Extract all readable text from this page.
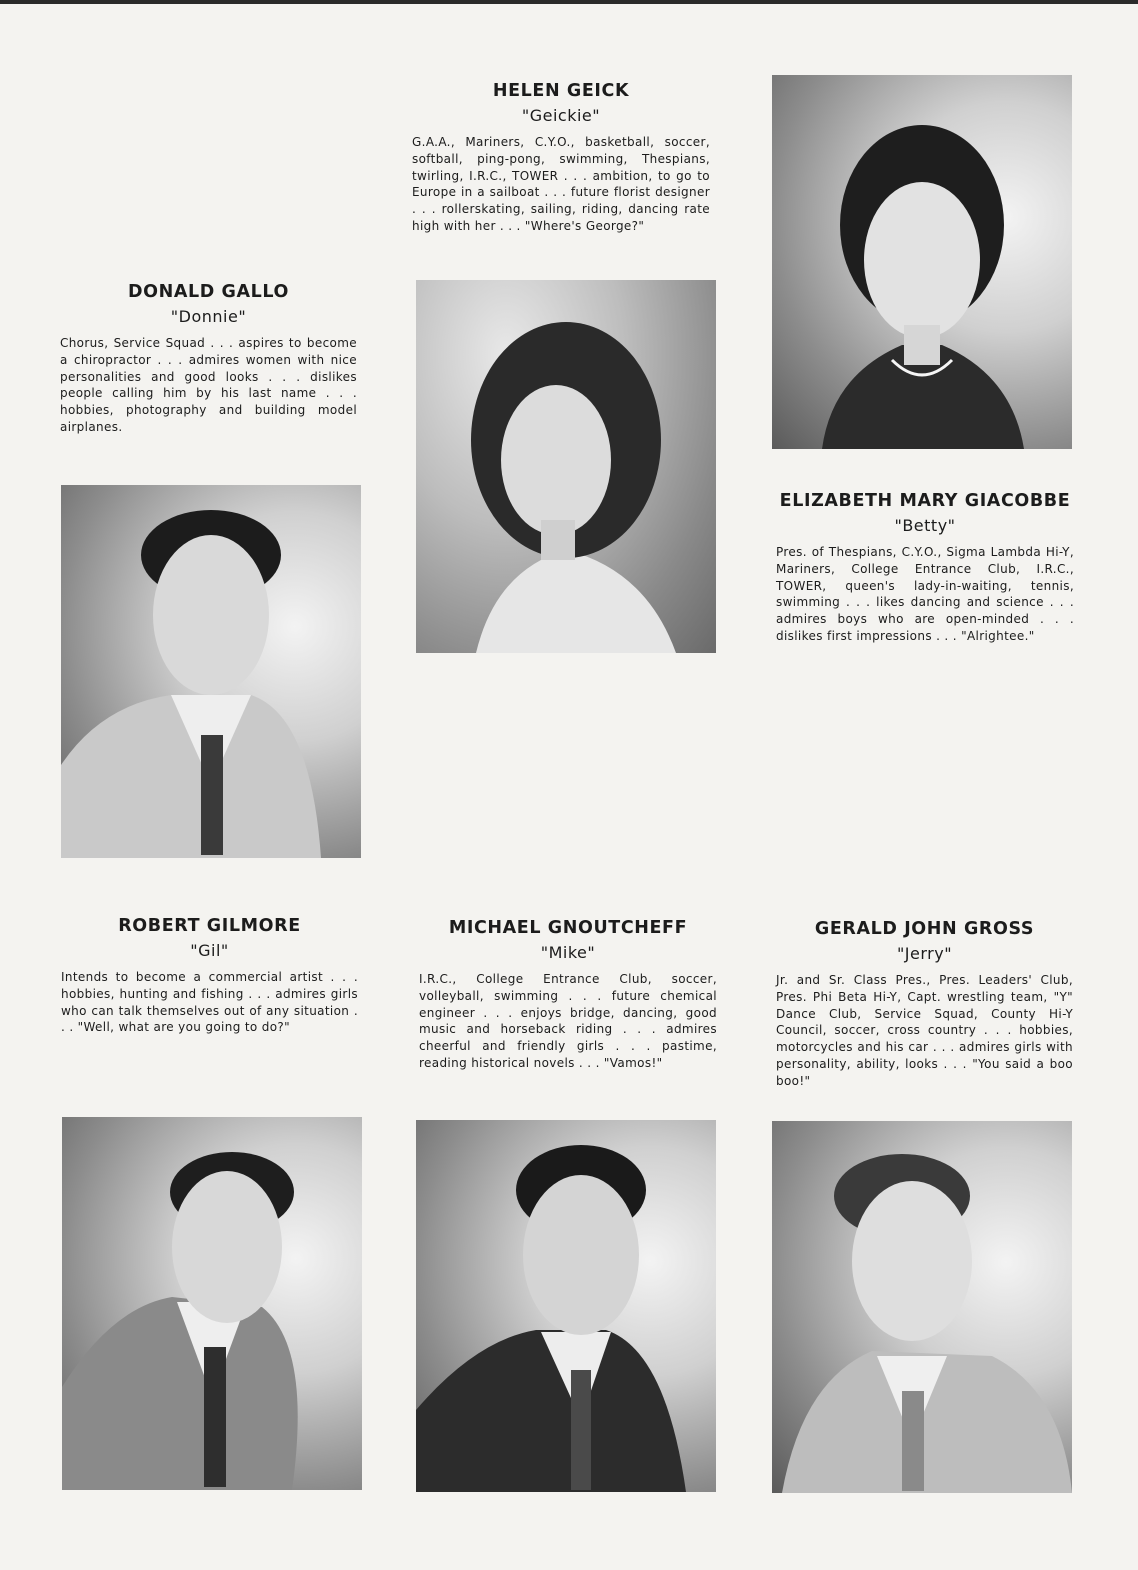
HELEN GEICK

"Geickie"

G.A.A., Mariners, C.Y.O., basketball, soccer, softball, ping-pong, swimming, Thespians, twirling, I.R.C., TOWER . . . ambition, to go to Europe in a sailboat . . . future florist designer . . . rollerskating, sailing, riding, dancing rate high with her . . . "Where's George?"

DONALD GALLO

"Donnie"

Chorus, Service Squad . . . aspires to become a chiropractor . . . admires women with nice personalities and good looks . . . dislikes people calling him by his last name . . . hobbies, photography and building model airplanes.

ELIZABETH MARY GIACOBBE

"Betty"

Pres. of Thespians, C.Y.O., Sigma Lambda Hi-Y, Mariners, College Entrance Club, I.R.C., TOWER, queen's lady-in-waiting, tennis, swimming . . . likes dancing and science . . . admires boys who are open-minded . . . dislikes first impressions . . . "Alrightee."

ROBERT GILMORE

"Gil"

Intends to become a commercial artist . . . hobbies, hunting and fishing . . . admires girls who can talk themselves out of any situation . . . "Well, what are you going to do?"

MICHAEL GNOUTCHEFF

"Mike"

I.R.C., College Entrance Club, soccer, volleyball, swimming . . . future chemical engineer . . . enjoys bridge, dancing, good music and horseback riding . . . admires cheerful and friendly girls . . . pastime, reading historical novels . . . "Vamos!"

GERALD JOHN GROSS

"Jerry"

Jr. and Sr. Class Pres., Pres. Leaders' Club, Pres. Phi Beta Hi-Y, Capt. wrestling team, "Y" Dance Club, Service Squad, County Hi-Y Council, soccer, cross country . . . hobbies, motorcycles and his car . . . admires girls with personality, ability, looks . . . "You said a boo boo!"
